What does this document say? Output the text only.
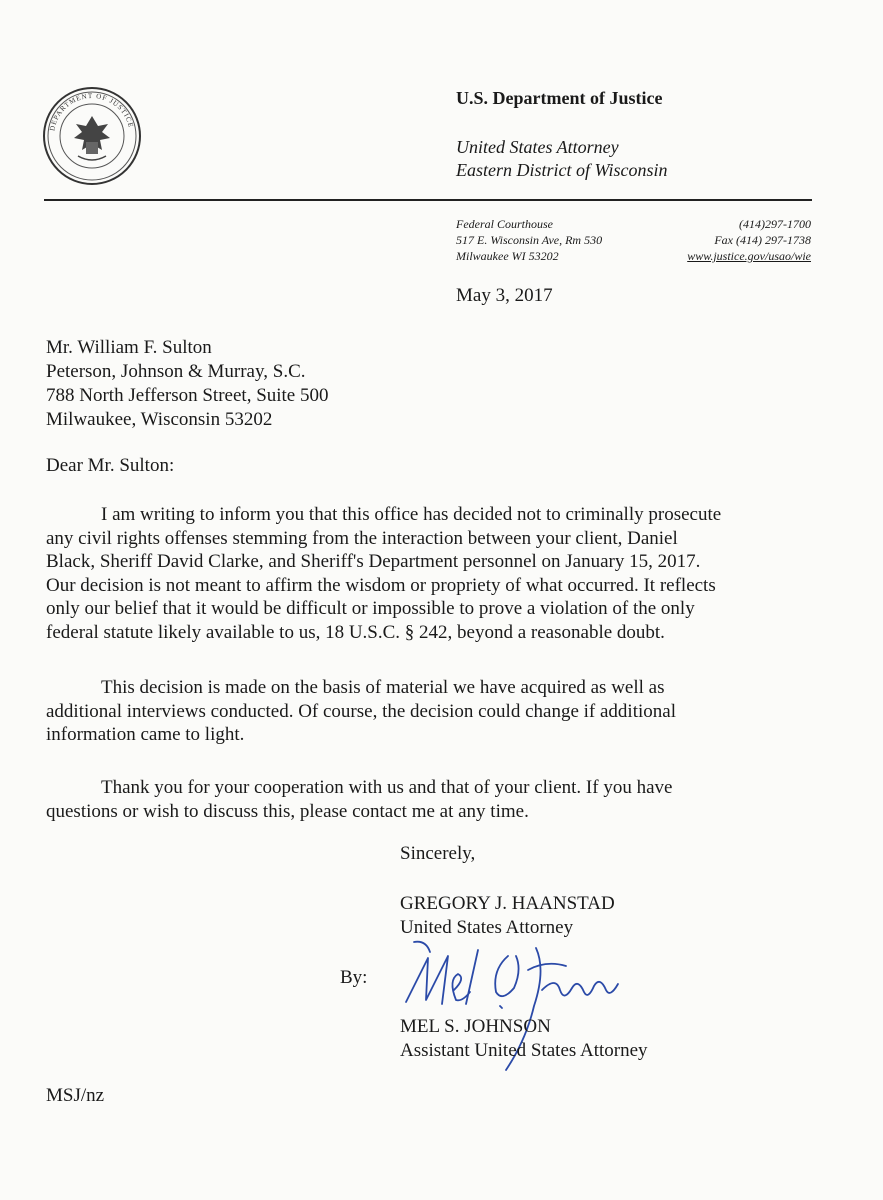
DEPARTMENT OF JUSTICE
U.S. Department of Justice
United States Attorney
Eastern District of Wisconsin
Federal Courthouse
517 E. Wisconsin Ave, Rm 530
Milwaukee WI 53202
(414)297-1700
Fax (414) 297-1738
www.justice.gov/usao/wie
May 3, 2017
Mr. William F. Sulton
Peterson, Johnson & Murray, S.C.
788 North Jefferson Street, Suite 500
Milwaukee, Wisconsin 53202
Dear Mr. Sulton:
I am writing to inform you that this office has decided not to criminally prosecute
any civil rights offenses stemming from the interaction between your client, Daniel
Black, Sheriff David Clarke, and Sheriff's Department personnel on January 15, 2017.
Our decision is not meant to affirm the wisdom or propriety of what occurred. It reflects
only our belief that it would be difficult or impossible to prove a violation of the only
federal statute likely available to us, 18 U.S.C. § 242, beyond a reasonable doubt.
This decision is made on the basis of material we have acquired as well as
additional interviews conducted. Of course, the decision could change if additional
information came to light.
Thank you for your cooperation with us and that of your client. If you have
questions or wish to discuss this, please contact me at any time.
Sincerely,
GREGORY J. HAANSTAD
United States Attorney
By:
MEL S. JOHNSON
Assistant United States Attorney
MSJ/nz
